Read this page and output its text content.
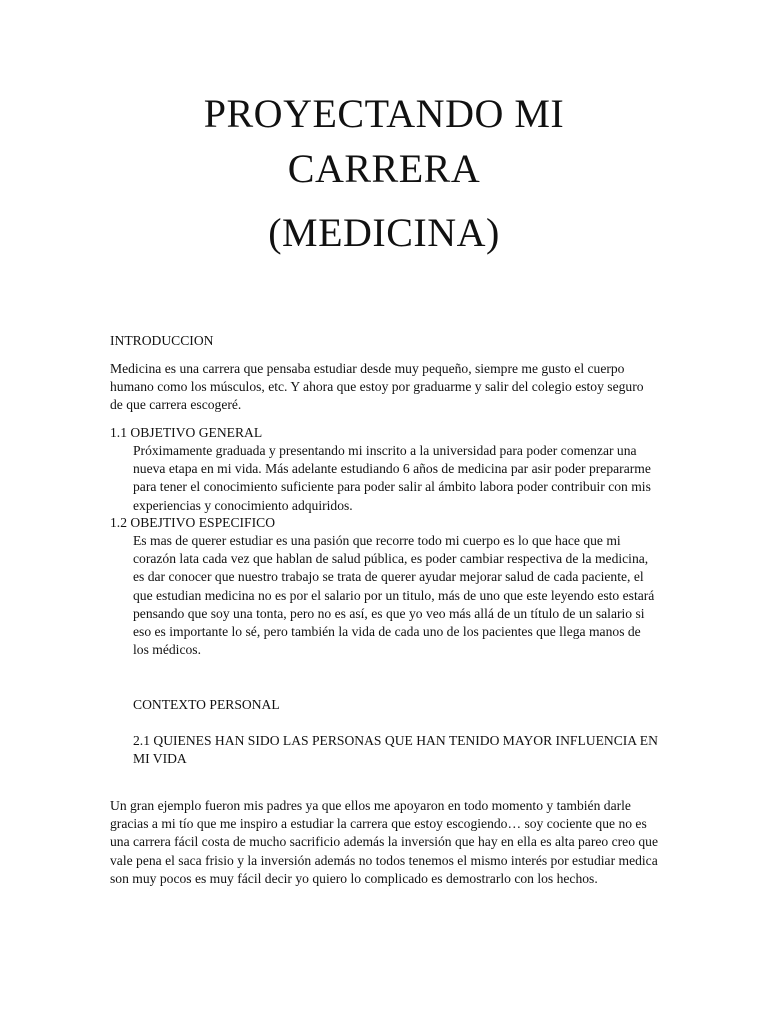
PROYECTANDO MI
CARRERA
(MEDICINA)

INTRODUCCION

Medicina es una carrera que pensaba estudiar desde muy pequeño, siempre me gusto el cuerpo humano como los músculos, etc. Y ahora que estoy por graduarme y salir del colegio estoy seguro de que carrera escogeré.

1.1 OBJETIVO GENERAL

Próximamente graduada y presentando mi inscrito a la universidad para poder comenzar una nueva etapa en mi vida. Más adelante estudiando 6 años de medicina par asir poder prepararme para tener el conocimiento suficiente para poder salir al ámbito labora poder contribuir con mis experiencias y conocimiento adquiridos.

1.2 OBEJTIVO ESPECIFICO

Es mas de querer estudiar es una pasión que recorre todo mi cuerpo es lo que hace que mi corazón lata cada vez que hablan de salud pública, es poder cambiar respectiva de la medicina, es dar conocer que nuestro trabajo se trata de querer ayudar mejorar salud de cada paciente, el que estudian medicina no es por el salario por un titulo, más de uno que este leyendo esto estará pensando que soy una tonta, pero no es así, es que yo veo más allá de un título de un salario si eso es importante lo sé, pero también la vida de cada uno de los pacientes que llega manos de los médicos.

CONTEXTO PERSONAL

2.1 QUIENES HAN SIDO LAS PERSONAS QUE HAN TENIDO MAYOR INFLUENCIA EN MI VIDA

Un gran ejemplo fueron mis padres ya que ellos me apoyaron en todo momento y también darle gracias a mi tío que me inspiro a estudiar la carrera que estoy escogiendo… soy cociente que no es una carrera fácil costa de mucho sacrificio además la inversión que hay en ella es alta pareo creo que vale pena el saca frisio y la inversión además no todos tenemos el mismo interés por estudiar medica son muy pocos es muy fácil decir yo quiero lo complicado es demostrarlo con los hechos.
